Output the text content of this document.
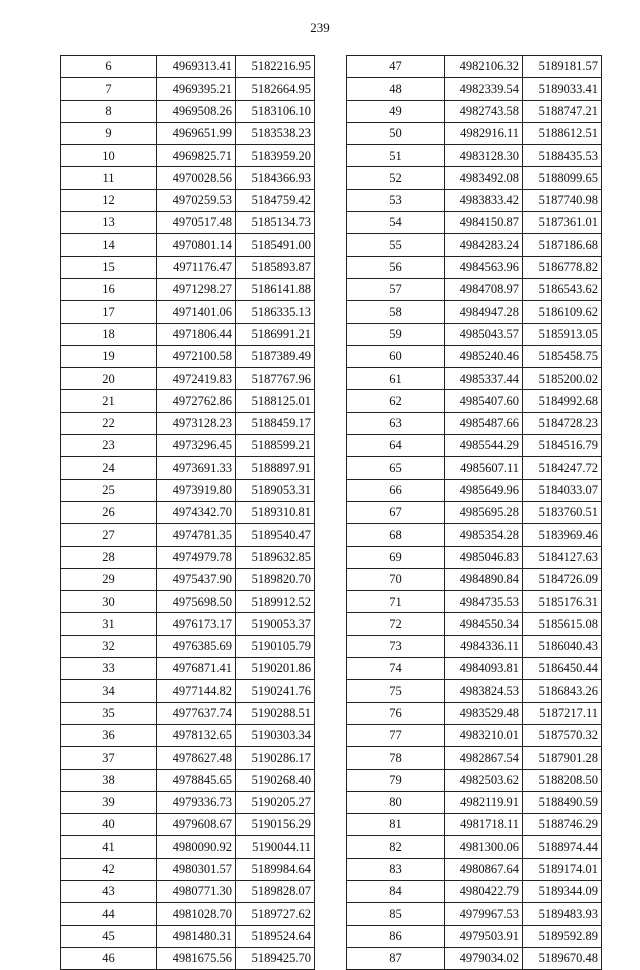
239
6	4969313.41	5182216.95
7	4969395.21	5182664.95
8	4969508.26	5183106.10
9	4969651.99	5183538.23
10	4969825.71	5183959.20
11	4970028.56	5184366.93
12	4970259.53	5184759.42
13	4970517.48	5185134.73
14	4970801.14	5185491.00
15	4971176.47	5185893.87
16	4971298.27	5186141.88
17	4971401.06	5186335.13
18	4971806.44	5186991.21
19	4972100.58	5187389.49
20	4972419.83	5187767.96
21	4972762.86	5188125.01
22	4973128.23	5188459.17
23	4973296.45	5188599.21
24	4973691.33	5188897.91
25	4973919.80	5189053.31
26	4974342.70	5189310.81
27	4974781.35	5189540.47
28	4974979.78	5189632.85
29	4975437.90	5189820.70
30	4975698.50	5189912.52
31	4976173.17	5190053.37
32	4976385.69	5190105.79
33	4976871.41	5190201.86
34	4977144.82	5190241.76
35	4977637.74	5190288.51
36	4978132.65	5190303.34
37	4978627.48	5190286.17
38	4978845.65	5190268.40
39	4979336.73	5190205.27
40	4979608.67	5190156.29
41	4980090.92	5190044.11
42	4980301.57	5189984.64
43	4980771.30	5189828.07
44	4981028.70	5189727.62
45	4981480.31	5189524.64
46	4981675.56	5189425.70
47	4982106.32	5189181.57
48	4982339.54	5189033.41
49	4982743.58	5188747.21
50	4982916.11	5188612.51
51	4983128.30	5188435.53
52	4983492.08	5188099.65
53	4983833.42	5187740.98
54	4984150.87	5187361.01
55	4984283.24	5187186.68
56	4984563.96	5186778.82
57	4984708.97	5186543.62
58	4984947.28	5186109.62
59	4985043.57	5185913.05
60	4985240.46	5185458.75
61	4985337.44	5185200.02
62	4985407.60	5184992.68
63	4985487.66	5184728.23
64	4985544.29	5184516.79
65	4985607.11	5184247.72
66	4985649.96	5184033.07
67	4985695.28	5183760.51
68	4985354.28	5183969.46
69	4985046.83	5184127.63
70	4984890.84	5184726.09
71	4984735.53	5185176.31
72	4984550.34	5185615.08
73	4984336.11	5186040.43
74	4984093.81	5186450.44
75	4983824.53	5186843.26
76	4983529.48	5187217.11
77	4983210.01	5187570.32
78	4982867.54	5187901.28
79	4982503.62	5188208.50
80	4982119.91	5188490.59
81	4981718.11	5188746.29
82	4981300.06	5188974.44
83	4980867.64	5189174.01
84	4980422.79	5189344.09
85	4979967.53	5189483.93
86	4979503.91	5189592.89
87	4979034.02	5189670.48
